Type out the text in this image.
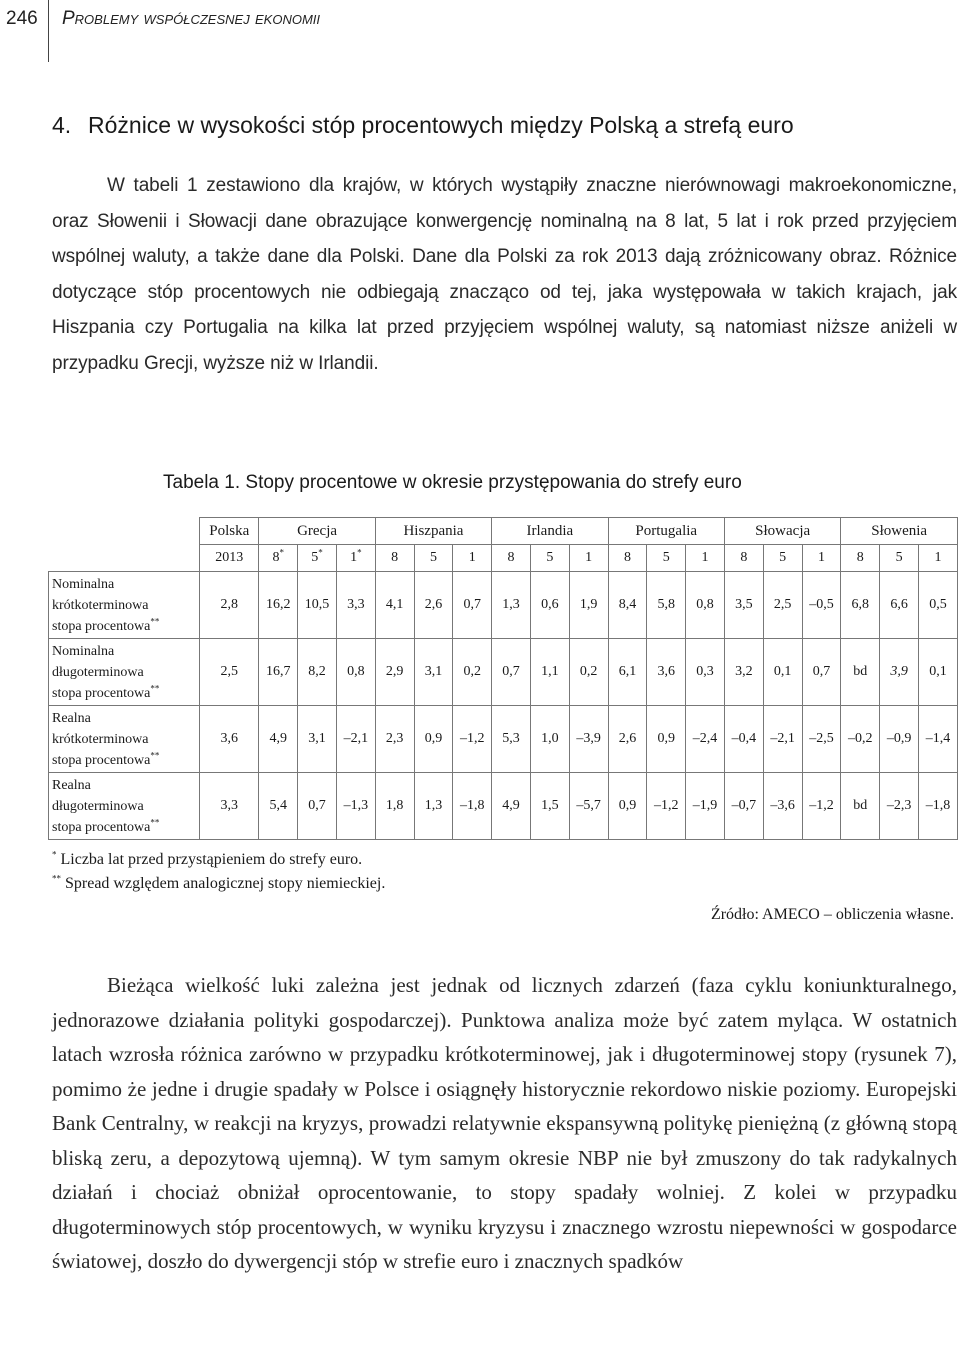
246 Problemy współczesnej ekonomii
4. Różnice w wysokości stóp procentowych między Polską a strefą euro

W tabeli 1 zestawiono dla krajów, w których wystąpiły znaczne nierównowagi makroekonomiczne, oraz Słowenii i Słowacji dane obrazujące konwergencję nominalną na 8 lat, 5 lat i rok przed przyjęciem wspólnej waluty, a także dane dla Polski. Dane dla Polski za rok 2013 dają zróżnicowany obraz. Różnice dotyczące stóp procentowych nie odbiegają znacząco od tej, jaka występowała w takich krajach, jak Hiszpania czy Portugalia na kilka lat przed przyjęciem wspólnej waluty, są natomiast niższe aniżeli w przypadku Grecji, wyższe niż w Irlandii.

Tabela 1. Stopy procentowe w okresie przystępowania do strefy euro
	Polska	Grecja			Hiszpania			Irlandia			Portugalia			Słowacja			Słowenia		
	2013	8*	5*	1*	8	5	1	8	5	1	8	5	1	8	5	1	8	5	1
Nominalna
krótkoterminowa
stopa procentowa**	2,8	16,2	10,5	3,3	4,1	2,6	0,7	1,3	0,6	1,9	8,4	5,8	0,8	3,5	2,5	–0,5	6,8	6,6	0,5
Nominalna
długoterminowa
stopa procentowa**	2,5	16,7	8,2	0,8	2,9	3,1	0,2	0,7	1,1	0,2	6,1	3,6	0,3	3,2	0,1	0,7	bd	3,9	0,1
Realna
krótkoterminowa
stopa procentowa**	3,6	4,9	3,1	–2,1	2,3	0,9	–1,2	5,3	1,0	–3,9	2,6	0,9	–2,4	–0,4	–2,1	–2,5	–0,2	–0,9	–1,4
Realna
długoterminowa
stopa procentowa**	3,3	5,4	0,7	–1,3	1,8	1,3	–1,8	4,9	1,5	–5,7	0,9	–1,2	–1,9	–0,7	–3,6	–1,2	bd	–2,3	–1,8
* Liczba lat przed przystąpieniem do strefy euro.
** Spread względem analogicznej stopy niemieckiej.
Źródło: AMECO – obliczenia własne.

Bieżąca wielkość luki zależna jest jednak od licznych zdarzeń (faza cyklu koniunkturalnego, jednorazowe działania polityki gospodarczej). Punktowa analiza może być zatem myląca. W ostatnich latach wzrosła różnica zarówno w przypadku krótkoterminowej, jak i długoterminowej stopy (rysunek 7), pomimo że jedne i drugie spadały w Polsce i osiągnęły historycznie rekordowo niskie poziomy. Europejski Bank Centralny, w reakcji na kryzys, prowadzi relatywnie ekspansywną politykę pieniężną (z główną stopą bliską zeru, a depozytową ujemną). W tym samym okresie NBP nie był zmuszony do tak radykalnych działań i chociaż obniżał oprocentowanie, to stopy spadały wolniej. Z kolei w przypadku długoterminowych stóp procentowych, w wyniku kryzysu i znacznego wzrostu niepewności w gospodarce światowej, doszło do dywergencji stóp w strefie euro i znacznych spadków
